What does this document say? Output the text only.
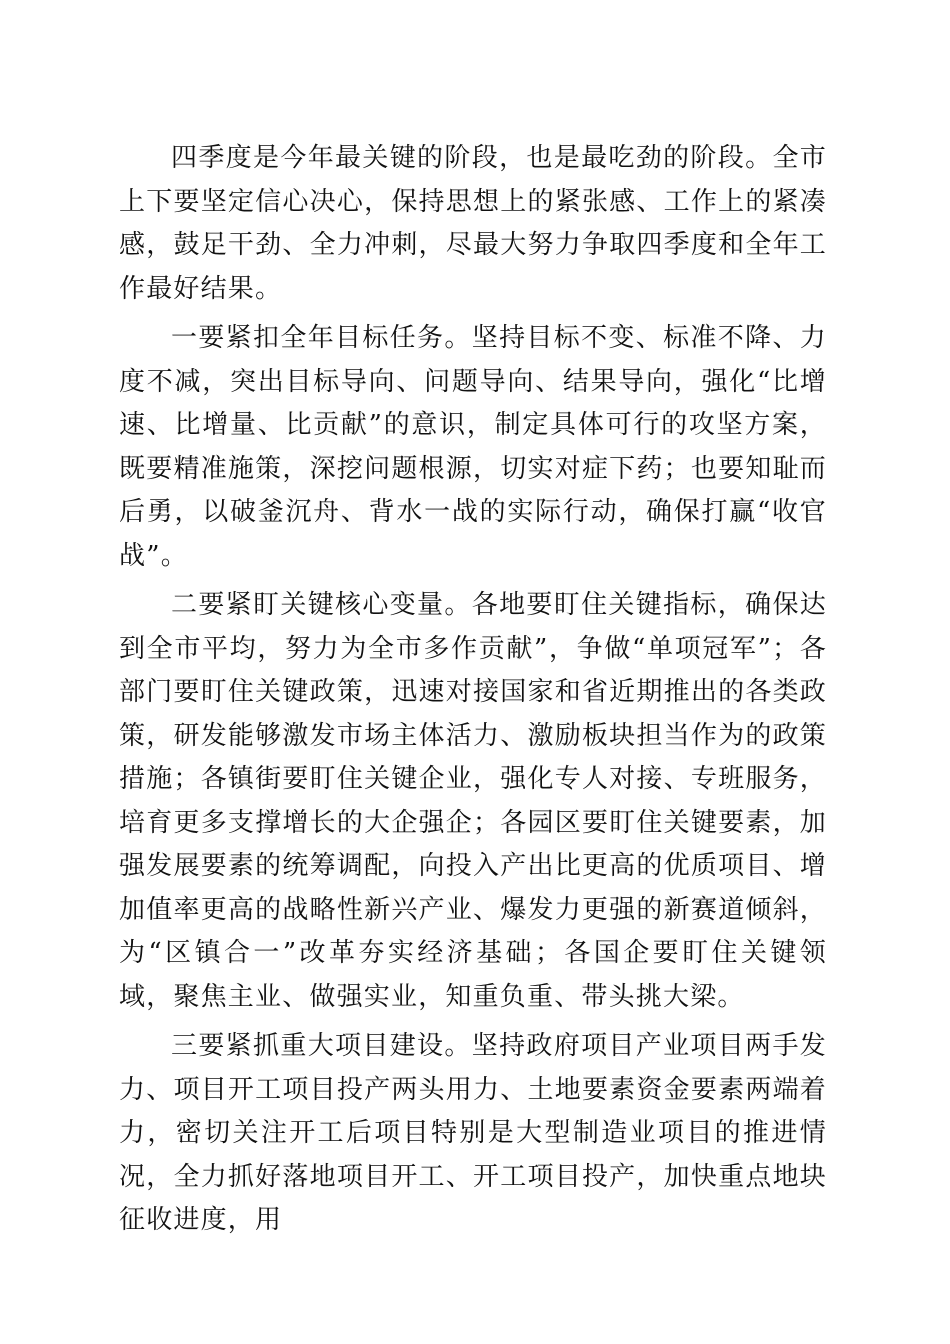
四季度是今年最关键的阶段，也是最吃劲的阶段。全市上下要坚定信心决心，保持思想上的紧张感、工作上的紧凑感，鼓足干劲、全力冲刺，尽最大努力争取四季度和全年工作最好结果。

一要紧扣全年目标任务。坚持目标不变、标准不降、力度不减，突出目标导向、问题导向、结果导向，强化“比增速、比增量、比贡献”的意识，制定具体可行的攻坚方案，既要精准施策，深挖问题根源，切实对症下药；也要知耻而后勇，以破釜沉舟、背水一战的实际行动，确保打赢“收官战”。

二要紧盯关键核心变量。各地要盯住关键指标，确保达到全市平均，努力为全市多作贡献”，争做“单项冠军”；各部门要盯住关键政策，迅速对接国家和省近期推出的各类政策，研发能够激发市场主体活力、激励板块担当作为的政策措施；各镇街要盯住关键企业，强化专人对接、专班服务，培育更多支撑增长的大企强企；各园区要盯住关键要素，加强发展要素的统筹调配，向投入产出比更高的优质项目、增加值率更高的战略性新兴产业、爆发力更强的新赛道倾斜，为“区镇合一”改革夯实经济基础；各国企要盯住关键领域，聚焦主业、做强实业，知重负重、带头挑大梁。

三要紧抓重大项目建设。坚持政府项目产业项目两手发力、项目开工项目投产两头用力、土地要素资金要素两端着力，密切关注开工后项目特别是大型制造业项目的推进情况，全力抓好落地项目开工、开工项目投产，加快重点地块征收进度，用
